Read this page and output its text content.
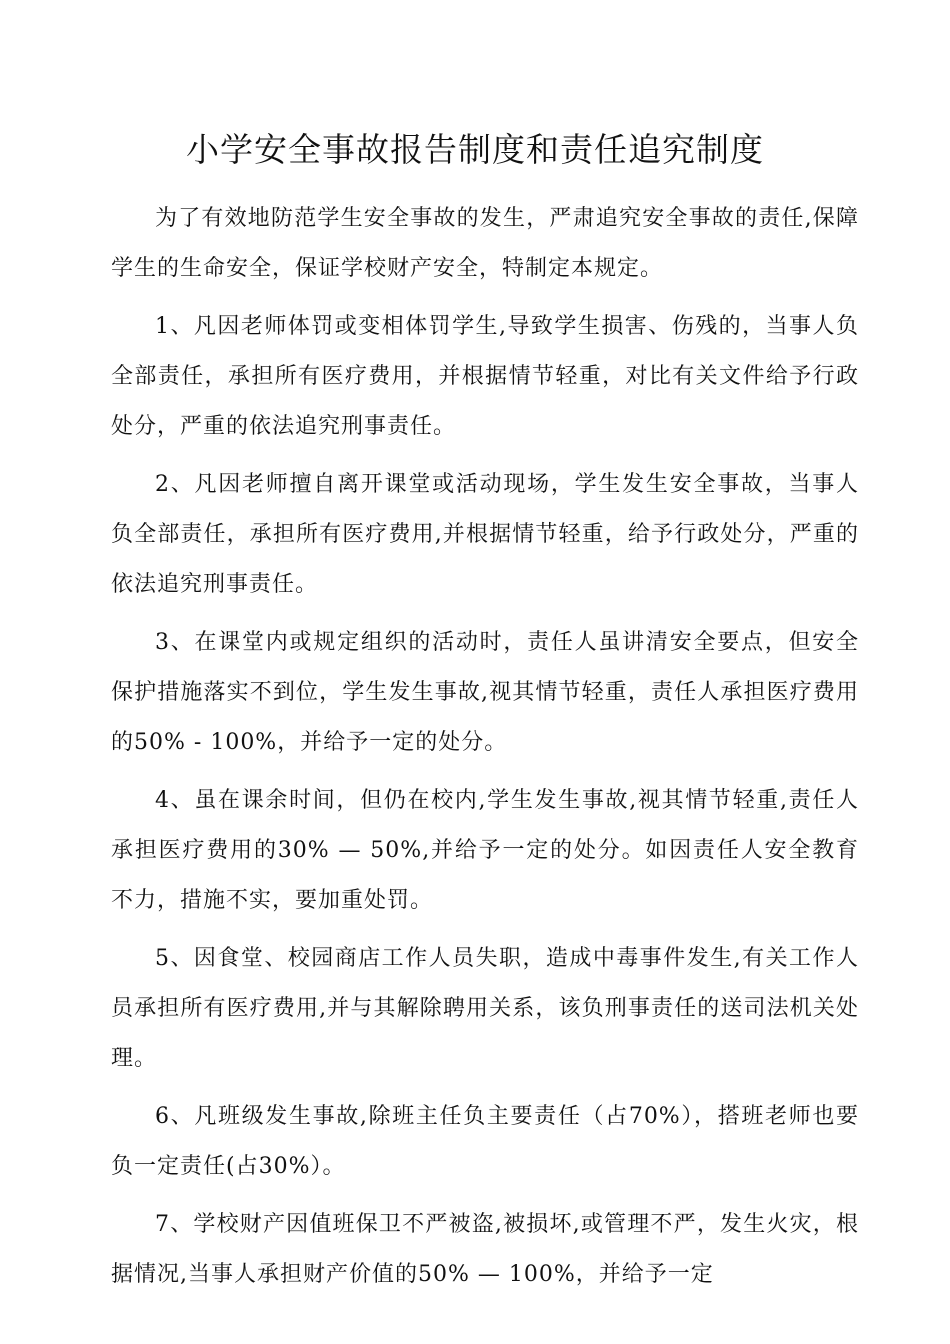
小学安全事故报告制度和责任追究制度

为了有效地防范学生安全事故的发生，严肃追究安全事故的责任,保障学生的生命安全，保证学校财产安全，特制定本规定。

1、凡因老师体罚或变相体罚学生,导致学生损害、伤残的，当事人负全部责任，承担所有医疗费用，并根据情节轻重，对比有关文件给予行政处分，严重的依法追究刑事责任。

2、凡因老师擅自离开课堂或活动现场，学生发生安全事故，当事人负全部责任，承担所有医疗费用,并根据情节轻重，给予行政处分，严重的依法追究刑事责任。

3、在课堂内或规定组织的活动时，责任人虽讲清安全要点，但安全保护措施落实不到位，学生发生事故,视其情节轻重，责任人承担医疗费用的50% - 100%，并给予一定的处分。

4、虽在课余时间，但仍在校内,学生发生事故,视其情节轻重,责任人承担医疗费用的30% — 50%,并给予一定的处分。如因责任人安全教育不力，措施不实，要加重处罚。

5、因食堂、校园商店工作人员失职，造成中毒事件发生,有关工作人员承担所有医疗费用,并与其解除聘用关系，该负刑事责任的送司法机关处理。

6、凡班级发生事故,除班主任负主要责任（占70%），搭班老师也要负一定责任(占30%）。

7、学校财产因值班保卫不严被盗,被损坏,或管理不严，发生火灾，根据情况,当事人承担财产价值的50% — 100%，并给予一定
